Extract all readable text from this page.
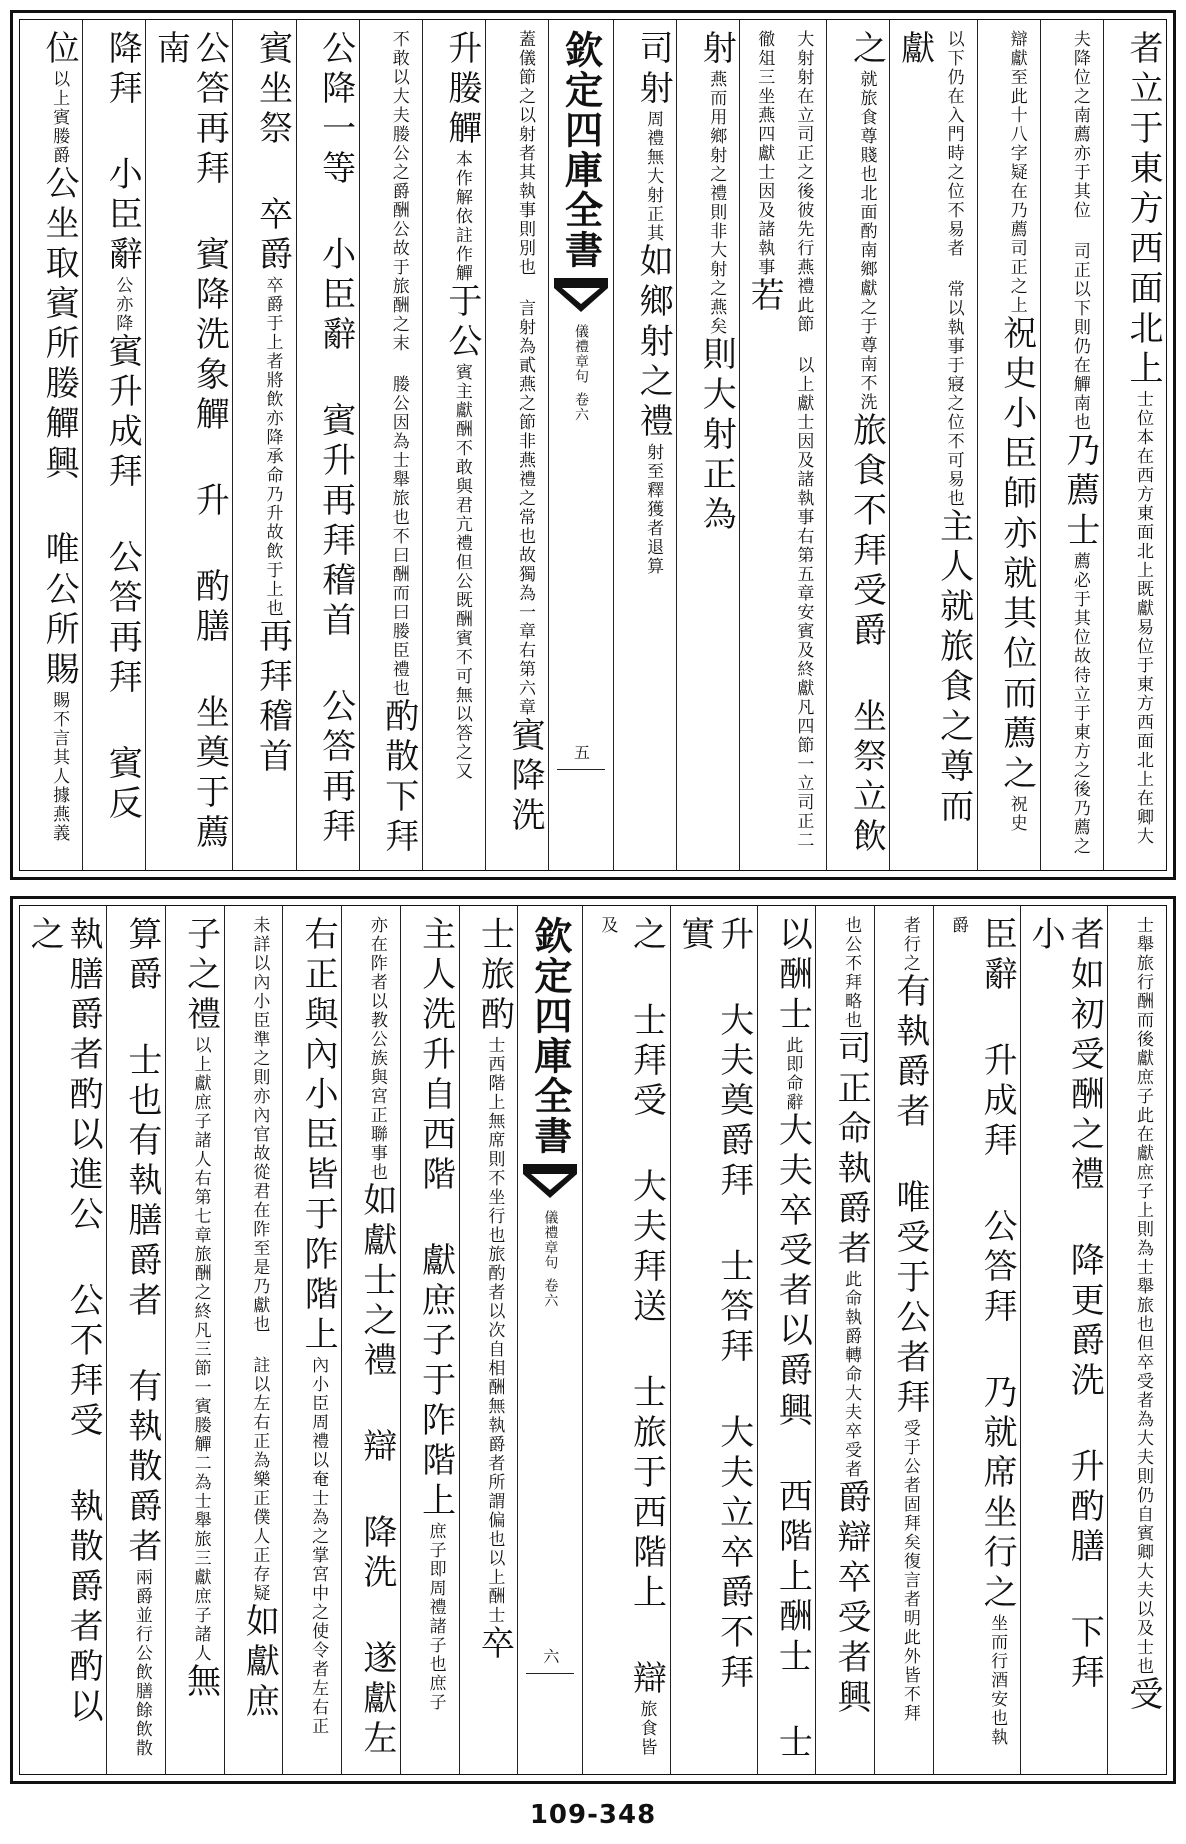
者立于東方西面北上士位本在西方東面北上既獻易位于東方西面北上在卿大
夫降位之南薦亦于其位 司正以下則仍在觶南也乃薦士薦必于其位故待立于東方之後乃薦之
辯獻至此十八字疑在乃薦司正之上祝史小臣師亦就其位而薦之祝史
以下仍在入門時之位不易者 常以執事于寢之位不可易也主人就旅食之尊而獻
之就旅食尊賤也北面酌南鄉獻之于尊南不洗旅食不拜受爵 坐祭立飲
大射射在立司正之後彼先行燕禮此節 以上獻士因及諸執事右第五章安賓及終獻凡四節一立司正二徹俎三坐燕四獻士因及諸執事若
射燕而用鄉射之禮則非大射之燕矣則大射正為
司射周禮無大射正其如鄉射之禮射至釋獲者退算
欽定四庫全書
儀禮章句
卷六
五
蓋儀節之以射者其執事則別也 言射為貳燕之節非燕禮之常也故獨為一章右第六章賓降洗
升媵觶本作解依註作觶于公賓主獻酬不敢與君亢禮但公既酬賓不可無以答之又
不敢以大夫媵公之爵酬公故于旅酬之末 媵公因為士舉旅也不曰酬而曰媵臣禮也酌散下拜
公降一等 小臣辭 賓升再拜稽首 公答再拜
賓坐祭 卒爵卒爵于上者將飲亦降承命乃升故飲于上也再拜稽首
公答再拜 賓降洗象觶 升 酌膳 坐奠于薦南
降拜 小臣辭公亦降賓升成拜 公答再拜 賓反
位以上賓媵爵公坐取賓所媵觶興 唯公所賜賜不言其人據燕義
士舉旅行酬而後獻庶子此在獻庶子上則為士舉旅也但卒受者為大夫則仍自賓卿大夫以及士也受
者如初受酬之禮 降更爵洗 升酌膳 下拜 小
臣辭 升成拜 公答拜 乃就席坐行之坐而行酒安也執爵
者行之有執爵者 唯受于公者拜受于公者固拜矣復言者明此外皆不拜
也公不拜略也司正命執爵者此命執爵轉命大夫卒受者爵辯卒受者興
以酬士此即命辭大夫卒受者以爵興 西階上酬士 士
升 大夫奠爵拜 士答拜 大夫立卒爵不拜 實
之 士拜受 大夫拜送 士旅于西階上 辯旅食皆及
欽定四庫全書
儀禮章句
卷六
六
士旅酌士西階上無席則不坐行也旅酌者以次自相酬無執爵者所謂偏也以上酬士卒
主人洗升自西階 獻庶子于阼階上庶子即周禮諸子也庶子
亦在阼者以教公族與宮正聯事也如獻士之禮 辯 降洗 遂獻左
右正與內小臣皆于阼階上內小臣周禮以奄士為之掌宮中之使令者左右正
未詳以內小臣準之則亦內官故從君在阼至是乃獻也 註以左右正為樂正僕人正存疑如獻庶
子之禮以上獻庶子諸人右第七章旅酬之終凡三節一賓媵觶二為士舉旅三獻庶子諸人無
算爵 士也有執膳爵者 有執散爵者兩爵並行公飲膳餘飲散
執膳爵者酌以進公 公不拜受 執散爵者酌以之
109-348
